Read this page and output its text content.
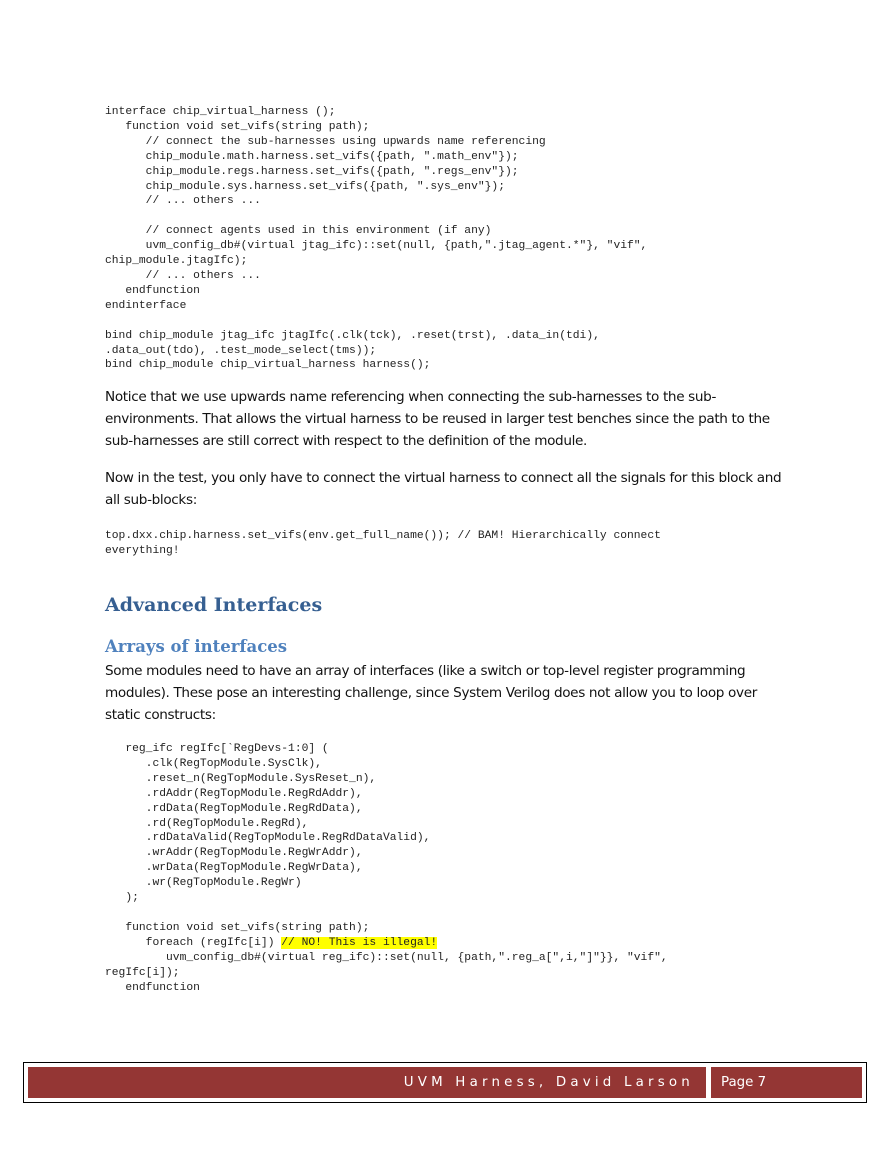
interface chip_virtual_harness ();
function void set_vifs(string path);
// connect the sub-harnesses using upwards name referencing
chip_module.math.harness.set_vifs({path, ".math_env"});
chip_module.regs.harness.set_vifs({path, ".regs_env"});
chip_module.sys.harness.set_vifs({path, ".sys_env"});
// ... others ...

// connect agents used in this environment (if any)
uvm_config_db#(virtual jtag_ifc)::set(null, {path,".jtag_agent.*"}, "vif",
chip_module.jtagIfc);
// ... others ...
endfunction
endinterface

bind chip_module jtag_ifc jtagIfc(.clk(tck), .reset(trst), .data_in(tdi),
.data_out(tdo), .test_mode_select(tms));
bind chip_module chip_virtual_harness harness();

Notice that we use upwards name referencing when connecting the sub-harnesses to the sub-environments. That allows the virtual harness to be reused in larger test benches since the path to the sub-harnesses are still correct with respect to the definition of the module.

Now in the test, you only have to connect the virtual harness to connect all the signals for this block and all sub-blocks:

top.dxx.chip.harness.set_vifs(env.get_full_name()); // BAM! Hierarchically connect
everything!
Advanced Interfaces
Arrays of interfaces

Some modules need to have an array of interfaces (like a switch or top-level register programming modules). These pose an interesting challenge, since System Verilog does not allow you to loop over static constructs:

reg_ifc regIfc[`RegDevs-1:0] (
.clk(RegTopModule.SysClk),
.reset_n(RegTopModule.SysReset_n),
.rdAddr(RegTopModule.RegRdAddr),
.rdData(RegTopModule.RegRdData),
.rd(RegTopModule.RegRd),
.rdDataValid(RegTopModule.RegRdDataValid),
.wrAddr(RegTopModule.RegWrAddr),
.wrData(RegTopModule.RegWrData),
.wr(RegTopModule.RegWr)
);

function void set_vifs(string path);
foreach (regIfc[i]) // NO! This is illegal!
uvm_config_db#(virtual reg_ifc)::set(null, {path,".reg_a[",i,"]"}}, "vif",
regIfc[i]);
endfunction
UVM Harness, David Larson	Page 7
